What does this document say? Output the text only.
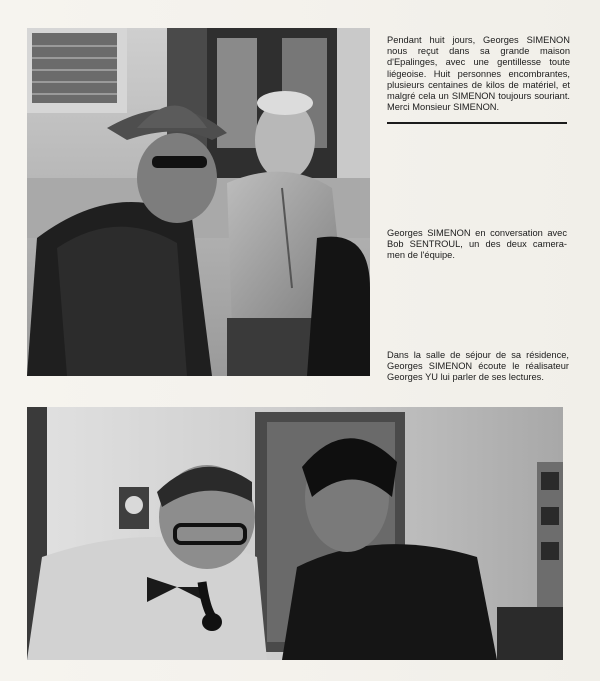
Pendant huit jours, Georges SIMENON nous reçut dans sa grande maison d'Epalinges, avec une gentillesse toute liégeoise. Huit personnes encombrantes, plusieurs centaines de kilos de matériel, et malgré cela un SIMENON toujours souriant. Merci Monsieur SIMENON.
Georges SIMENON en conversation avec Bob SENTROUL, un des deux camera-men de l'équipe.
Dans la salle de séjour de sa résidence, Georges SIMENON écoute le réalisateur Georges YU lui parler de ses lectures.
